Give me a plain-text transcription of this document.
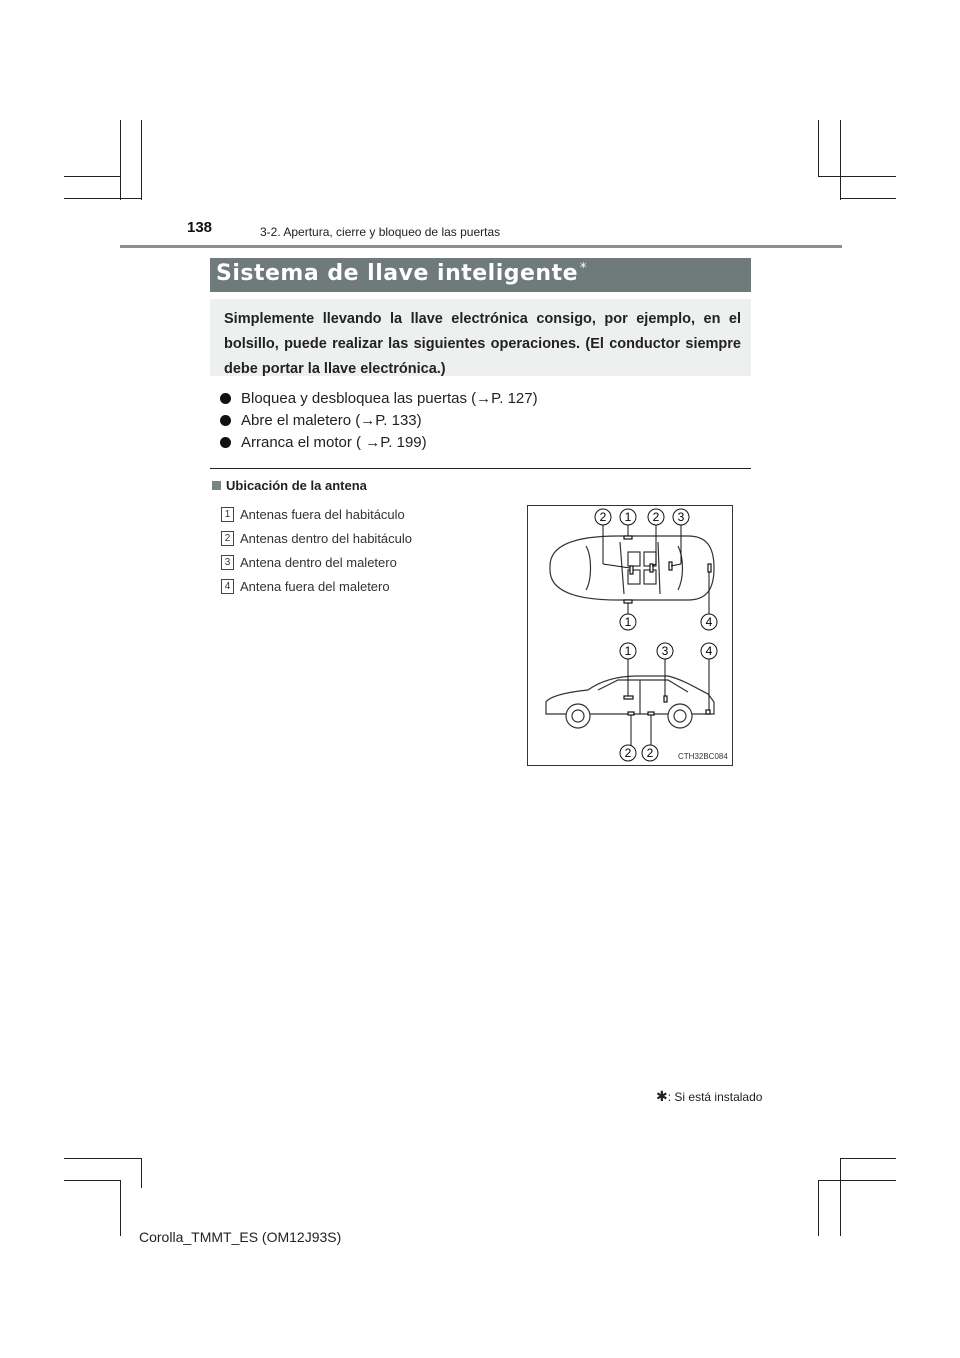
138	3-2. Apertura, cierre y bloqueo de las puertas
Sistema de llave inteligente *
Simplemente llevando la llave electrónica consigo, por ejemplo, en el bolsillo, puede realizar las siguientes operaciones. (El conductor siempre debe portar la llave electrónica.)
Bloquea y desbloquea las puertas (→P. 127)
Abre el maletero (→P. 133)
Arranca el motor ( →P. 199)
Ubicación de la antena
1 Antenas fuera del habitáculo
2 Antenas dentro del habitáculo
3 Antena dentro del maletero
4 Antena fuera del maletero
2 1 2 3
1	4
1	3	4
2 2	CTH32BC084
✱: Si está instalado
Corolla_TMMT_ES (OM12J93S)
